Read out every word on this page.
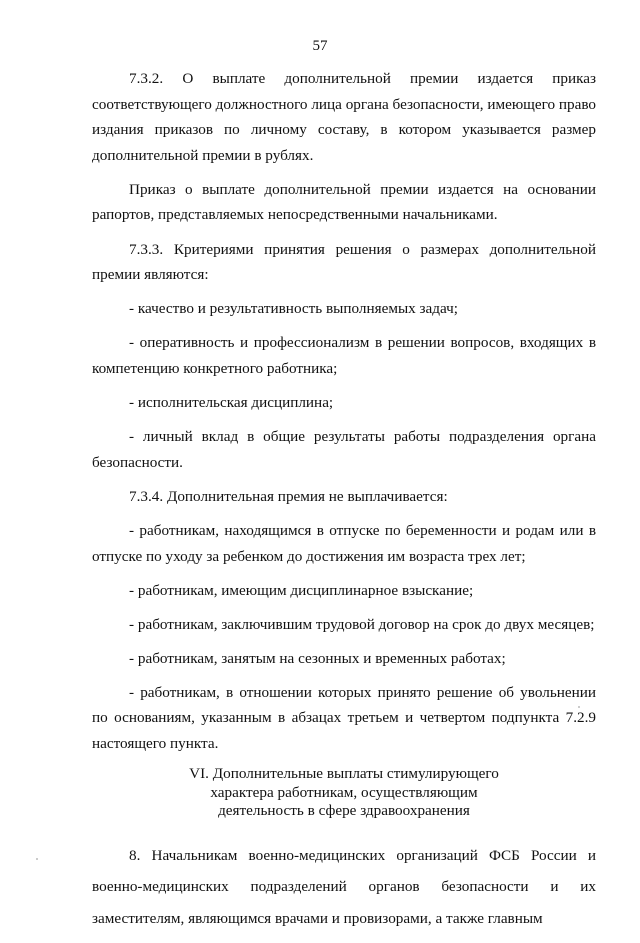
57

7.3.2. О выплате дополнительной премии издается приказ соответствующего должностного лица органа безопасности, имеющего право издания приказов по личному составу, в котором указывается размер дополнительной премии в рублях.

Приказ о выплате дополнительной премии издается на основании рапортов, представляемых непосредственными начальниками.

7.3.3. Критериями принятия решения о размерах дополнительной премии являются:

- качество и результативность выполняемых задач;

- оперативность и профессионализм в решении вопросов, входящих в компетенцию конкретного работника;

- исполнительская дисциплина;

- личный вклад в общие результаты работы подразделения органа безопасности.

7.3.4. Дополнительная премия не выплачивается:

- работникам, находящимся в отпуске по беременности и родам или в отпуске по уходу за ребенком до достижения им возраста трех лет;

- работникам, имеющим дисциплинарное взыскание;

- работникам, заключившим трудовой договор на срок до двух месяцев;

- работникам, занятым на сезонных и временных работах;

- работникам, в отношении которых принято решение об увольнении по основаниям, указанным в абзацах третьем и четвертом подпункта 7.2.9 настоящего пункта.

VI. Дополнительные выплаты стимулирующего
характера работникам, осуществляющим
деятельность в сфере здравоохранения

8. Начальникам военно-медицинских организаций ФСБ России и военно-медицинских подразделений органов безопасности и их заместителям, являющимся врачами и провизорами, а также главным
